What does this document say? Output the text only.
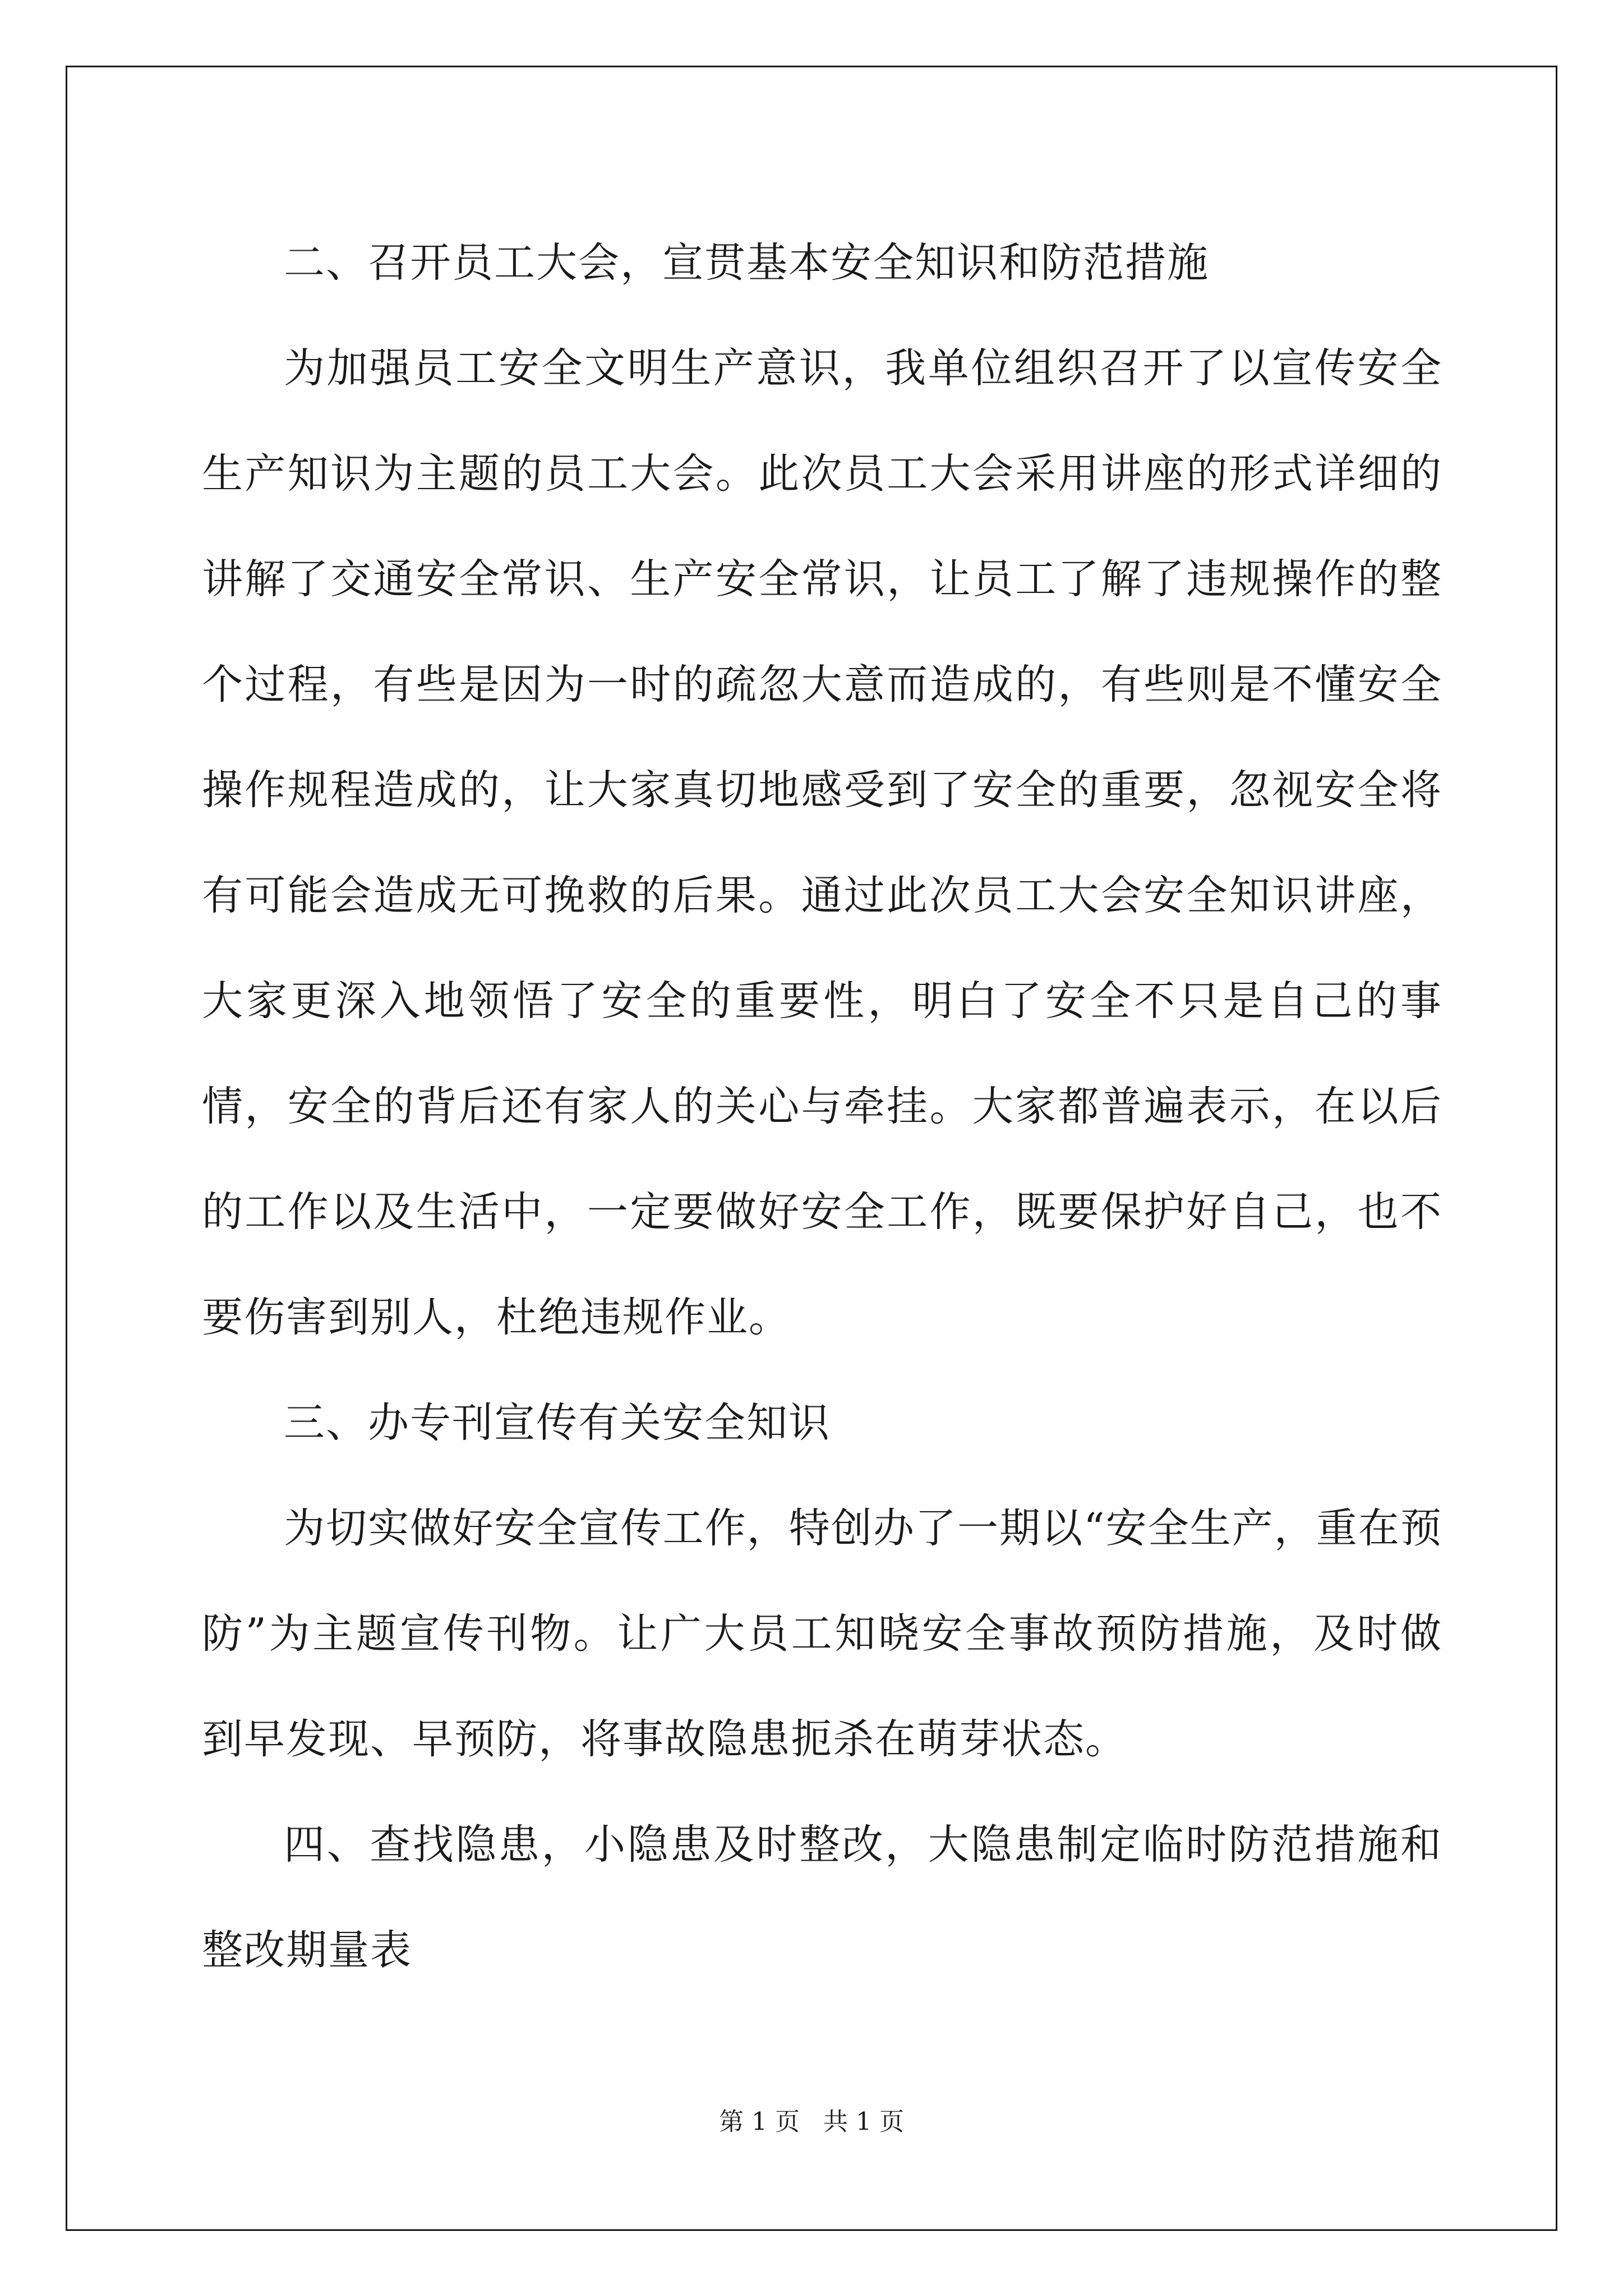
二、召开员工大会，宣贯基本安全知识和防范措施

为加强员工安全文明生产意识，我单位组织召开了以宣传安全生产知识为主题的员工大会。此次员工大会采用讲座的形式详细的讲解了交通安全常识、生产安全常识，让员工了解了违规操作的整个过程，有些是因为一时的疏忽大意而造成的，有些则是不懂安全操作规程造成的，让大家真切地感受到了安全的重要，忽视安全将有可能会造成无可挽救的后果。通过此次员工大会安全知识讲座，大家更深入地领悟了安全的重要性，明白了安全不只是自己的事情，安全的背后还有家人的关心与牵挂。大家都普遍表示，在以后的工作以及生活中，一定要做好安全工作，既要保护好自己，也不要伤害到别人，杜绝违规作业。

三、办专刊宣传有关安全知识

为切实做好安全宣传工作，特创办了一期以“安全生产，重在预防”为主题宣传刊物。让广大员工知晓安全事故预防措施，及时做到早发现、早预防，将事故隐患扼杀在萌芽状态。

四、查找隐患，小隐患及时整改，大隐患制定临时防范措施和整改期量表

第 1 页   共 1 页
